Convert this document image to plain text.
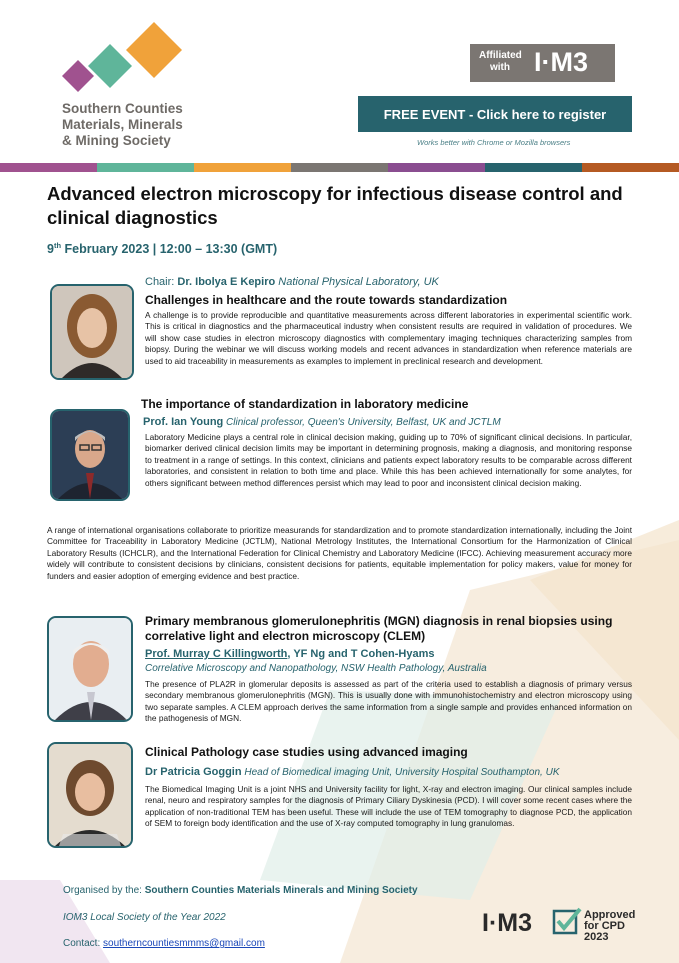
Southern Counties
Materials, Minerals
& Mining Society
Affiliated
with I·M3
FREE EVENT - Click here to register
Works better with Chrome or Mozilla browsers
Advanced electron microscopy for infectious disease control and clinical diagnostics
9th February 2023 | 12:00 – 13:30 (GMT)
Chair: Dr. Ibolya E Kepiro National Physical Laboratory, UK
Challenges in healthcare and the route towards standardization
A challenge is to provide reproducible and quantitative measurements across different laboratories in experimental scientific work. This is critical in diagnostics and the pharmaceutical industry when consistent results are required in validation of procedures. We will show case studies in electron microscopy diagnostics with complementary imaging techniques characterizing samples from biopsy. During the webinar we will discuss working models and recent advances in standardization when reference materials are used to aid traceability in measurements as examples to implement in preclinical research and development.
The importance of standardization in laboratory medicine
Prof. Ian Young Clinical professor, Queen's University, Belfast, UK and JCTLM
Laboratory Medicine plays a central role in clinical decision making, guiding up to 70% of significant clinical decisions. In particular, biomarker derived clinical decision limits may be important in determining prognosis, making a diagnosis, and monitoring response to treatment in a range of settings. In this context, clinicians and patients expect laboratory results to be comparable across different laboratories, and consistent in relation to both time and place. While this has been achieved internationally for some analytes, for others significant between method differences persist which may lead to poor and inconsistent clinical decision making.
A range of international organisations collaborate to prioritize measurands for standardization and to promote standardization internationally, including the Joint Committee for Traceability in Laboratory Medicine (JCTLM), National Metrology Institutes, the International Consortium for the Harmonization of Clinical Laboratory Results (ICHCLR), and the International Federation for Clinical Chemistry and Laboratory Medicine (IFCC). Achieving measurement accuracy more widely will contribute to consistent decisions by clinicians, consistent decisions for patients, equitable implementation for policy makers, value for money for funders and easier adoption of emerging evidence and best practice.
Primary membranous glomerulonephritis (MGN) diagnosis in renal biopsies using correlative light and electron microscopy (CLEM)
Prof. Murray C Killingworth, YF Ng and T Cohen-Hyams
Correlative Microscopy and Nanopathology, NSW Health Pathology, Australia
The presence of PLA2R in glomerular deposits is assessed as part of the criteria used to establish a diagnosis of primary versus secondary membranous glomerulonephritis (MGN). This is usually done with immunohistochemistry and electron microscopy using two separate samples. A CLEM approach derives the same information from a single sample and provides enhanced information on the pathogenesis of MGN.
Clinical Pathology case studies using advanced imaging
Dr Patricia Goggin Head of Biomedical imaging Unit, University Hospital Southampton, UK
The Biomedical Imaging Unit is a joint NHS and University facility for light, X-ray and electron imaging. Our clinical samples include renal, neuro and respiratory samples for the diagnosis of Primary Ciliary Dyskinesia (PCD). I will cover some recent cases where the application of non-traditional TEM has been useful. These will include the use of TEM tomography to diagnose PCD, the application of SEM to foreign body identification and the use of X-ray computed tomography in lung granulomas.
Organised by the: Southern Counties Materials Minerals and Mining Society
IOM3 Local Society of the Year 2022
Contact: southerncountiesmmms@gmail.com
I·M3	Approved
for CPD
2023
